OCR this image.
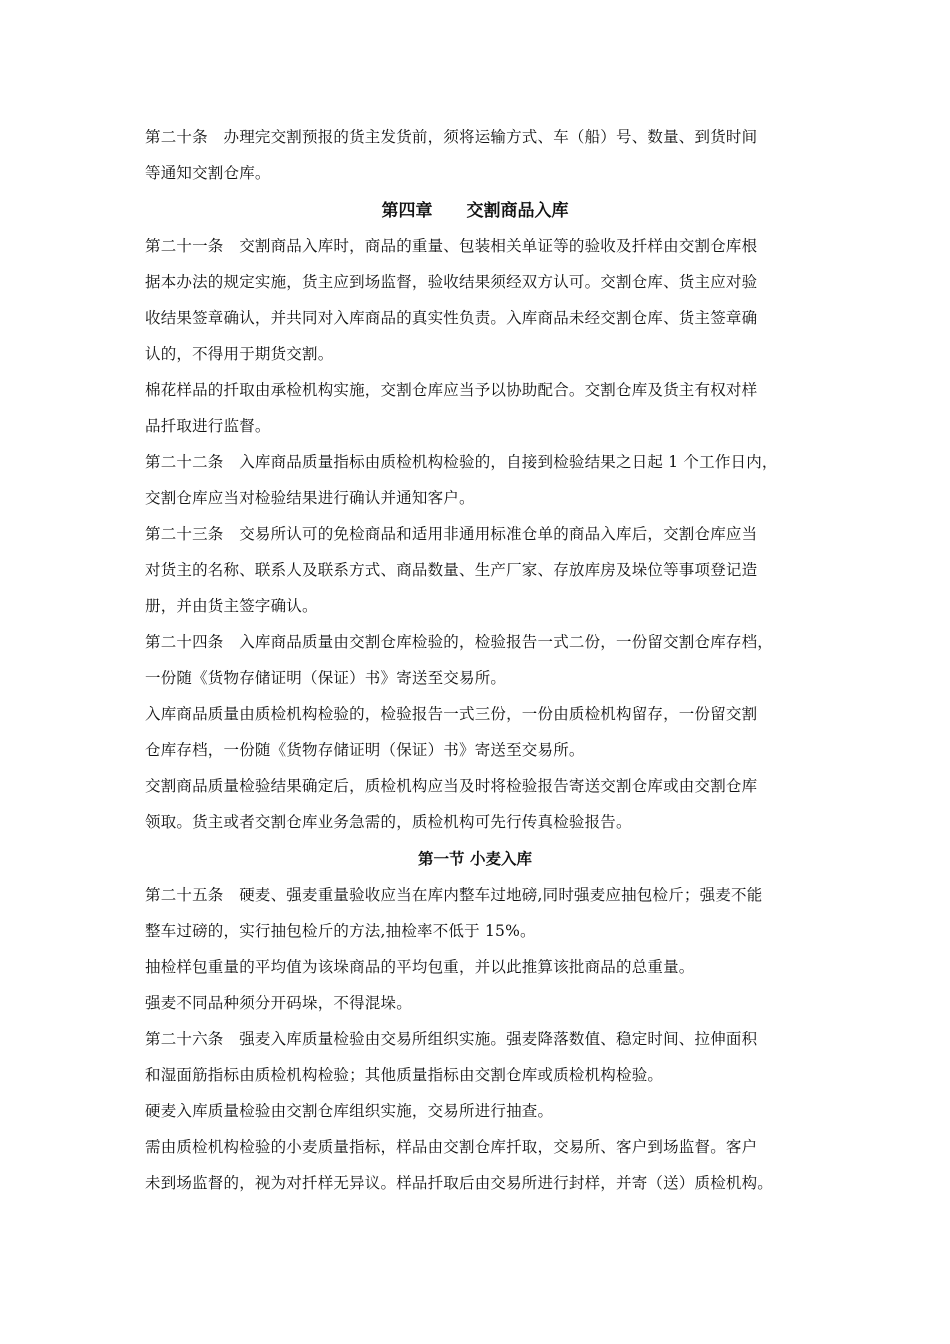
第二十条　办理完交割预报的货主发货前，须将运输方式、车（船）号、数量、到货时间
等通知交割仓库。
第四章　　交割商品入库
第二十一条　交割商品入库时，商品的重量、包装相关单证等的验收及扦样由交割仓库根
据本办法的规定实施，货主应到场监督，验收结果须经双方认可。交割仓库、货主应对验
收结果签章确认，并共同对入库商品的真实性负责。入库商品未经交割仓库、货主签章确
认的，不得用于期货交割。
棉花样品的扦取由承检机构实施，交割仓库应当予以协助配合。交割仓库及货主有权对样
品扦取进行监督。
第二十二条　入库商品质量指标由质检机构检验的，自接到检验结果之日起 1 个工作日内，
交割仓库应当对检验结果进行确认并通知客户。
第二十三条　交易所认可的免检商品和适用非通用标准仓单的商品入库后，交割仓库应当
对货主的名称、联系人及联系方式、商品数量、生产厂家、存放库房及垛位等事项登记造
册，并由货主签字确认。
第二十四条　入库商品质量由交割仓库检验的，检验报告一式二份，一份留交割仓库存档，
一份随《货物存储证明（保证）书》寄送至交易所。
入库商品质量由质检机构检验的，检验报告一式三份，一份由质检机构留存，一份留交割
仓库存档，一份随《货物存储证明（保证）书》寄送至交易所。
交割商品质量检验结果确定后，质检机构应当及时将检验报告寄送交割仓库或由交割仓库
领取。货主或者交割仓库业务急需的，质检机构可先行传真检验报告。
第一节 小麦入库
第二十五条　硬麦、强麦重量验收应当在库内整车过地磅,同时强麦应抽包检斤；强麦不能
整车过磅的，实行抽包检斤的方法,抽检率不低于 15%。
抽检样包重量的平均值为该垛商品的平均包重，并以此推算该批商品的总重量。
强麦不同品种须分开码垛，不得混垛。
第二十六条　强麦入库质量检验由交易所组织实施。强麦降落数值、稳定时间、拉伸面积
和湿面筋指标由质检机构检验；其他质量指标由交割仓库或质检机构检验。
硬麦入库质量检验由交割仓库组织实施，交易所进行抽查。
需由质检机构检验的小麦质量指标，样品由交割仓库扦取，交易所、客户到场监督。客户
未到场监督的，视为对扦样无异议。样品扦取后由交易所进行封样，并寄（送）质检机构。
